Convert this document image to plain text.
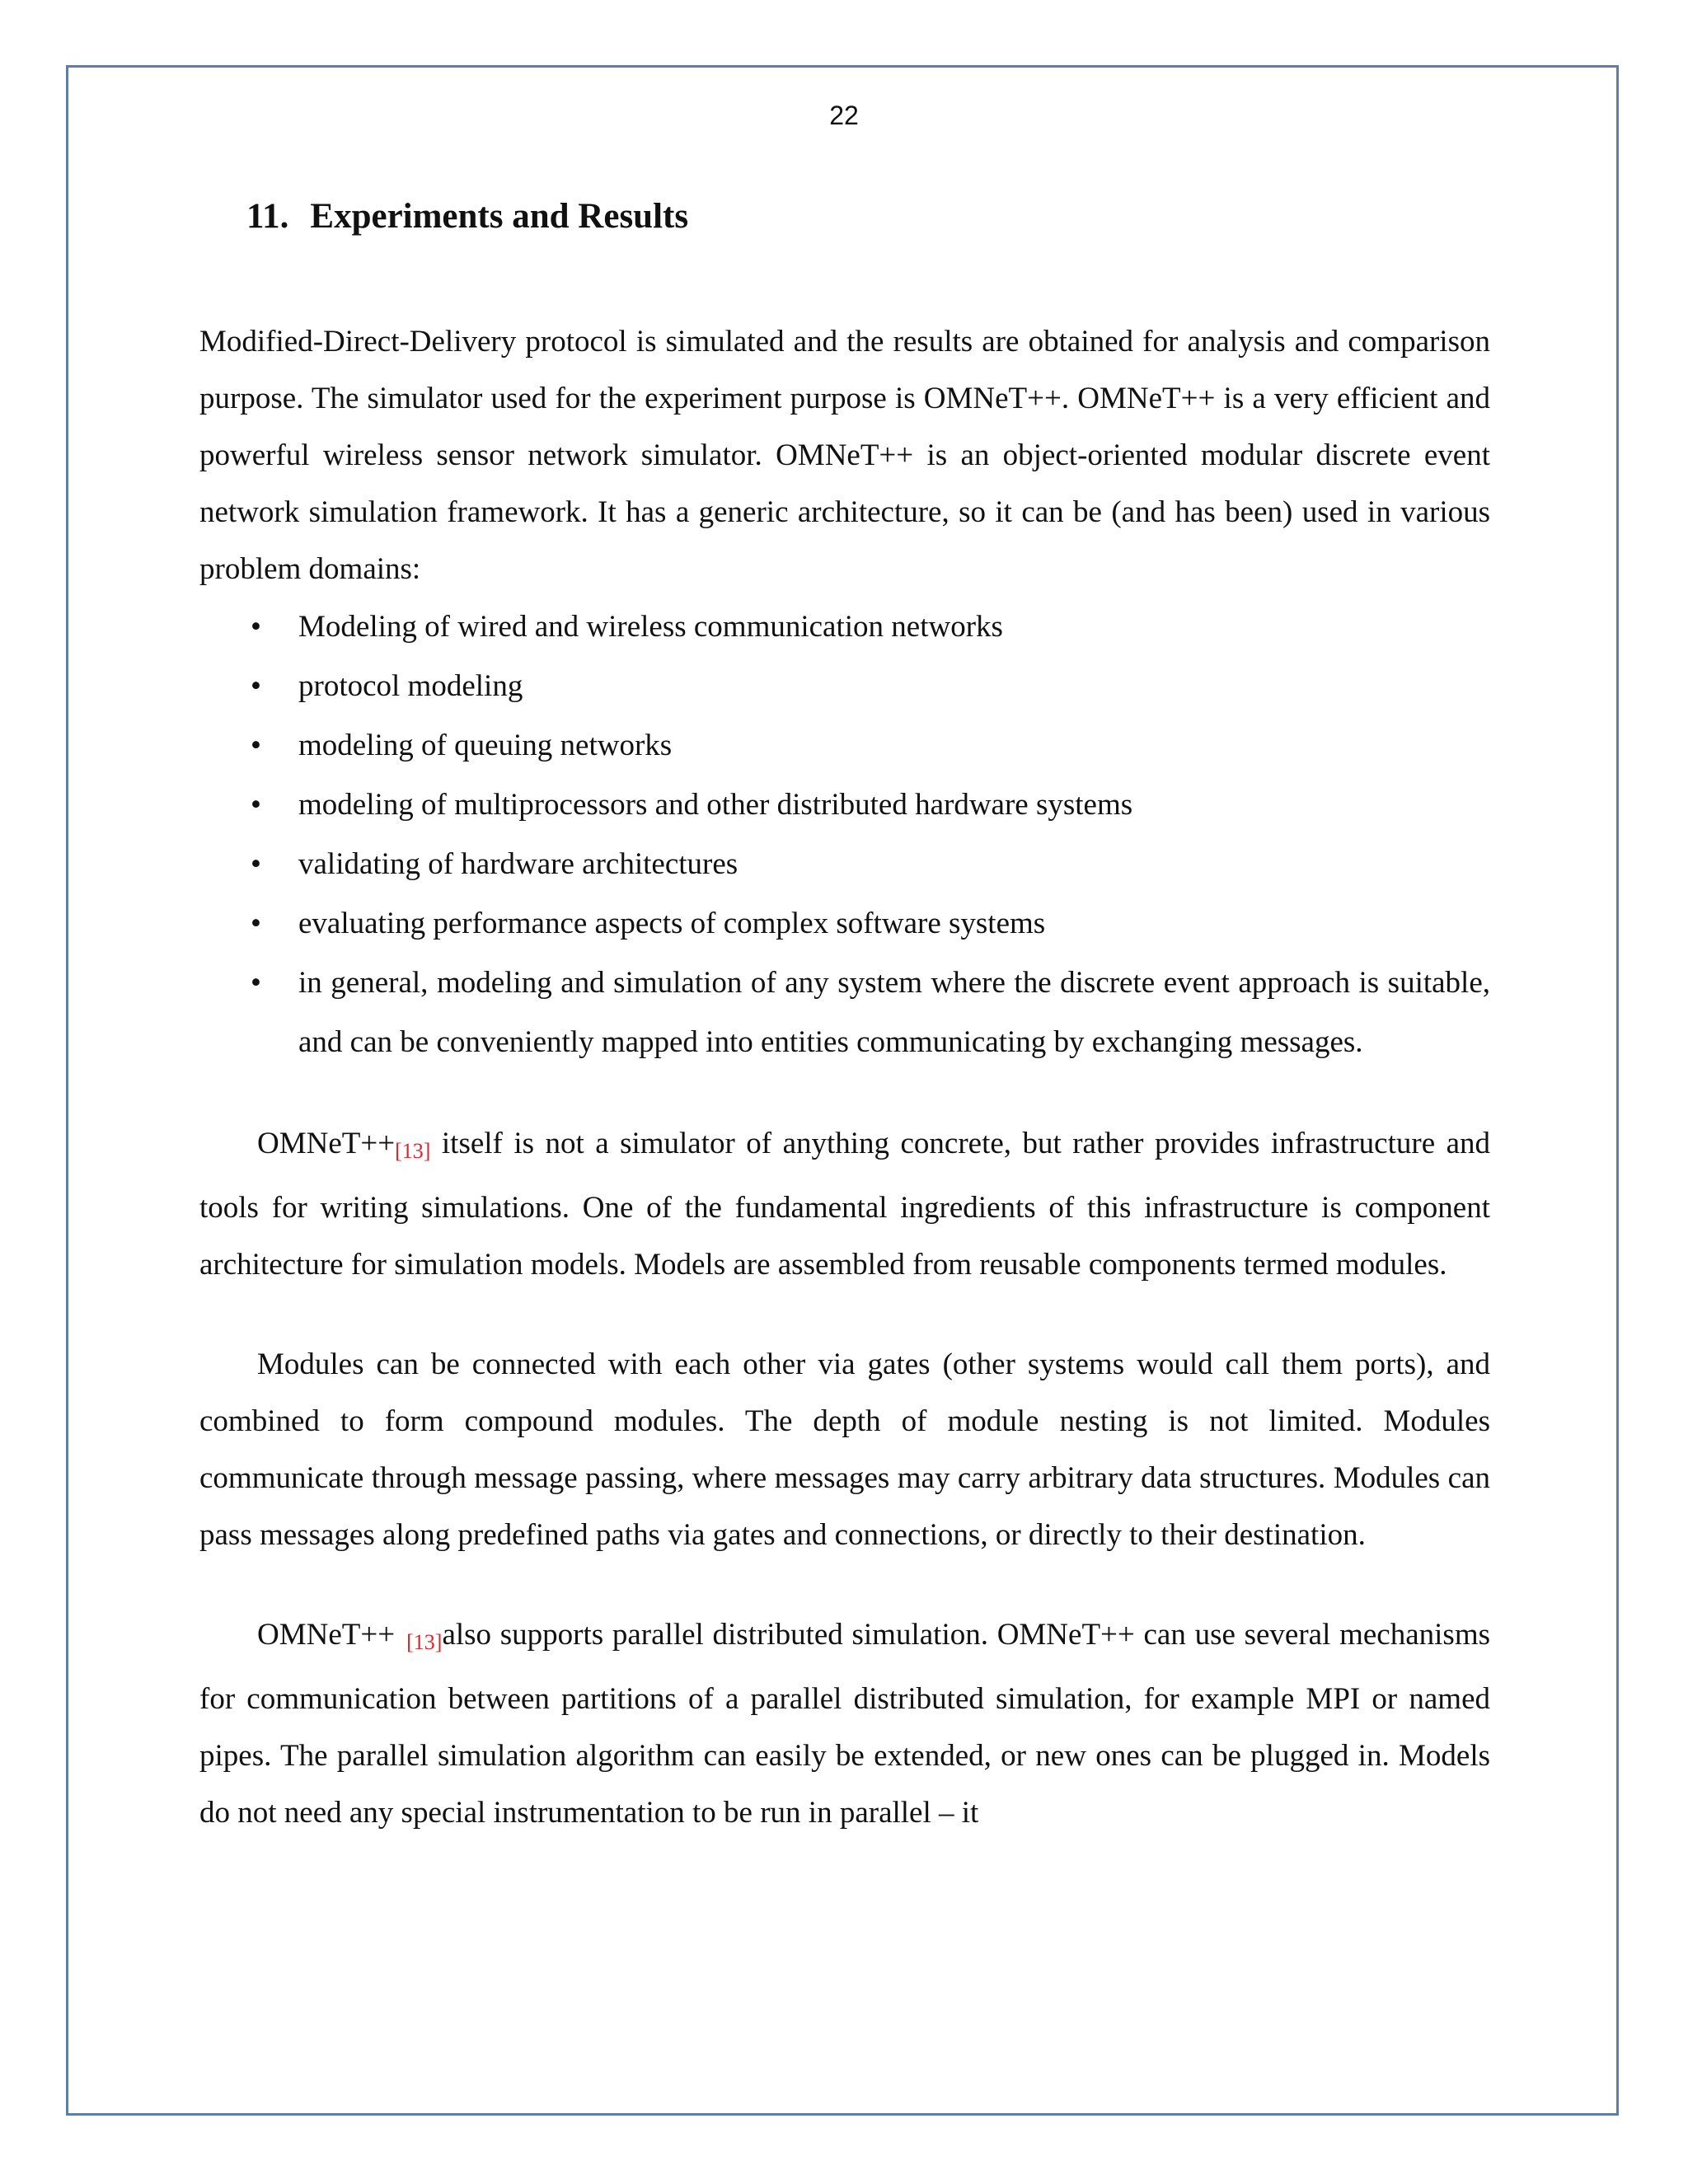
22
11. Experiments and Results

Modified-Direct-Delivery protocol is simulated and the results are obtained for analysis and comparison purpose. The simulator used for the experiment purpose is OMNeT++. OMNeT++ is a very efficient and powerful wireless sensor network simulator. OMNeT++ is an object-oriented modular discrete event network simulation framework. It has a generic architecture, so it can be (and has been) used in various problem domains:

• Modeling of wired and wireless communication networks
• protocol modeling
• modeling of queuing networks
• modeling of multiprocessors and other distributed hardware systems
• validating of hardware architectures
• evaluating performance aspects of complex software systems
• in general, modeling and simulation of any system where the discrete event approach is suitable, and can be conveniently mapped into entities communicating by exchanging messages.

OMNeT++[13] itself is not a simulator of anything concrete, but rather provides infrastructure and tools for writing simulations. One of the fundamental ingredients of this infrastructure is component architecture for simulation models. Models are assembled from reusable components termed modules.

Modules can be connected with each other via gates (other systems would call them ports), and combined to form compound modules. The depth of module nesting is not limited. Modules communicate through message passing, where messages may carry arbitrary data structures. Modules can pass messages along predefined paths via gates and connections, or directly to their destination.

OMNeT++ [13]also supports parallel distributed simulation. OMNeT++ can use several mechanisms for communication between partitions of a parallel distributed simulation, for example MPI or named pipes. The parallel simulation algorithm can easily be extended, or new ones can be plugged in. Models do not need any special instrumentation to be run in parallel – it
